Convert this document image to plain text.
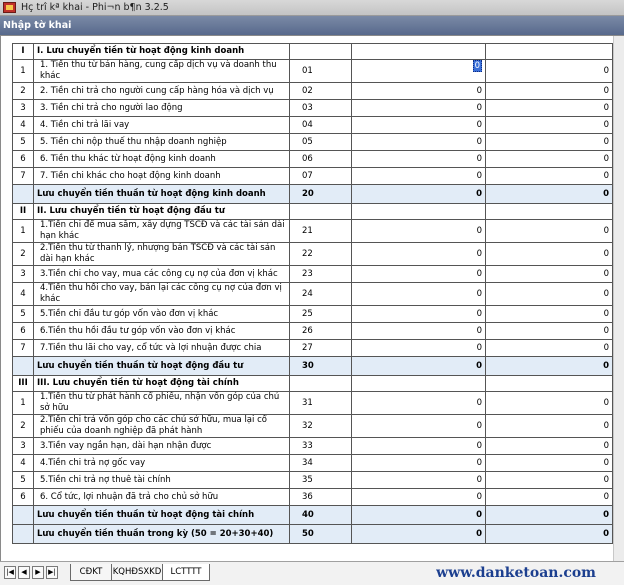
Hç trî kª khai - Phi¬n b¶n 3.2.5
Nhập tờ khai
I	I. Lưu chuyển tiền từ hoạt động kinh doanh			
1	1. Tiền thu từ bán hàng, cung cấp dịch vụ và doanh thu khác	01	0	0
2	2. Tiền chi trả cho người cung cấp hàng hóa và dịch vụ	02	0	0
3	3. Tiền chi trả cho người lao động	03	0	0
4	4. Tiền chi trả lãi vay	04	0	0
5	5. Tiền chi nộp thuế thu nhập doanh nghiệp	05	0	0
6	6. Tiền thu khác từ hoạt động kinh doanh	06	0	0
7	7. Tiền chi khác cho hoạt động kinh doanh	07	0	0
	Lưu chuyển tiền thuần từ hoạt động kinh doanh	20	0	0
II	II. Lưu chuyển tiền từ hoạt động đầu tư			
1	1.Tiền chi để mua sắm, xây dựng TSCĐ và các tài sản dài hạn khác	21	0	0
2	2.Tiền thu từ thanh lý, nhượng bán TSCĐ và các tài sản dài hạn khác	22	0	0
3	3.Tiền chi cho vay, mua các công cụ nợ của đơn vị khác	23	0	0
4	4.Tiền thu hồi cho vay, bán lại các công cụ nợ của đơn vị khác	24	0	0
5	5.Tiền chi đầu tư góp vốn vào đơn vị khác	25	0	0
6	6.Tiền thu hồi đầu tư góp vốn vào đơn vị khác	26	0	0
7	7.Tiền thu lãi cho vay, cổ tức và lợi nhuận được chia	27	0	0
	Lưu chuyển tiền thuần từ hoạt động đầu tư	30	0	0
III	III. Lưu chuyển tiền từ hoạt động tài chính			
1	1.Tiền thu từ phát hành cổ phiếu, nhận vốn góp của chủ sở hữu	31	0	0
2	2.Tiền chi trả vốn góp cho các chủ sở hữu, mua lại cổ phiếu của doanh nghiệp đã phát hành	32	0	0
3	3.Tiền vay ngắn hạn, dài hạn nhận được	33	0	0
4	4.Tiền chi trả nợ gốc vay	34	0	0
5	5.Tiền chi trả nợ thuê tài chính	35	0	0
6	6. Cổ tức, lợi nhuận đã trả cho chủ sở hữu	36	0	0
	Lưu chuyển tiền thuần từ hoạt động tài chính	40	0	0
	Lưu chuyển tiền thuần trong kỳ (50 = 20+30+40)	50	0	0
|◀	◀	▶	▶|	CĐKT	KQHĐSXKD	LCTTTT	www.danketoan.com
